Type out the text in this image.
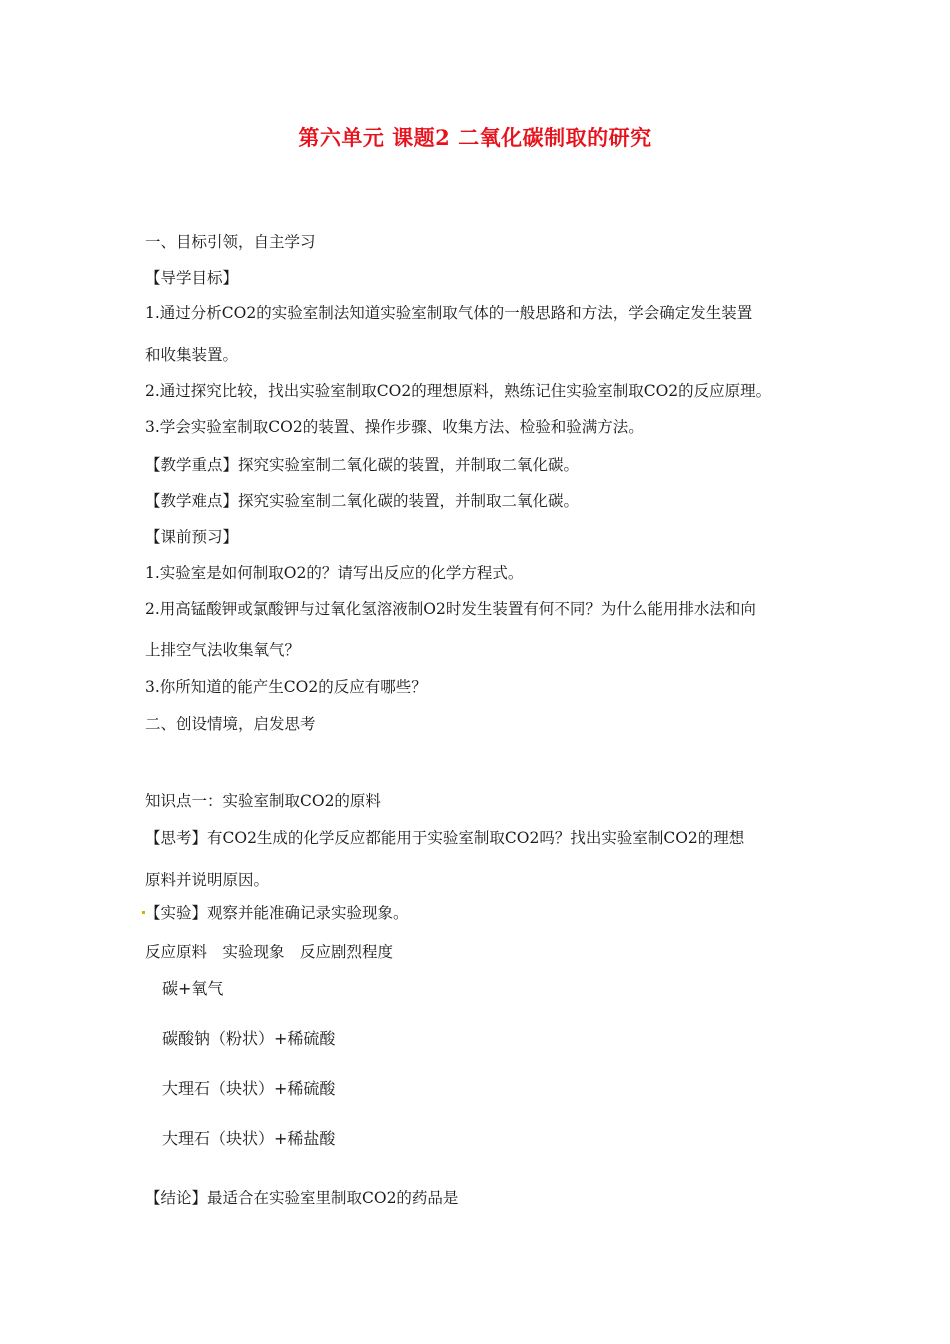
第六单元 课题2 二氧化碳制取的研究
一、目标引领，自主学习
【导学目标】
1.通过分析CO2的实验室制法知道实验室制取气体的一般思路和方法，学会确定发生装置
和收集装置。
2.通过探究比较，找出实验室制取CO2的理想原料，熟练记住实验室制取CO2的反应原理。
3.学会实验室制取CO2的装置、操作步骤、收集方法、检验和验满方法。
【教学重点】探究实验室制二氧化碳的装置，并制取二氧化碳。
【教学难点】探究实验室制二氧化碳的装置，并制取二氧化碳。
【课前预习】
1.实验室是如何制取O2的？请写出反应的化学方程式。
2.用高锰酸钾或氯酸钾与过氧化氢溶液制O2时发生装置有何不同？为什么能用排水法和向
上排空气法收集氧气？
3.你所知道的能产生CO2的反应有哪些？
二、创设情境，启发思考
知识点一：实验室制取CO2的原料
【思考】有CO2生成的化学反应都能用于实验室制取CO2吗？找出实验室制CO2的理想
原料并说明原因。
【实验】观察并能准确记录实验现象。
反应原料　实验现象　反应剧烈程度
碳+氧气
碳酸钠（粉状）+稀硫酸
大理石（块状）+稀硫酸
大理石（块状）+稀盐酸
【结论】最适合在实验室里制取CO2的药品是
